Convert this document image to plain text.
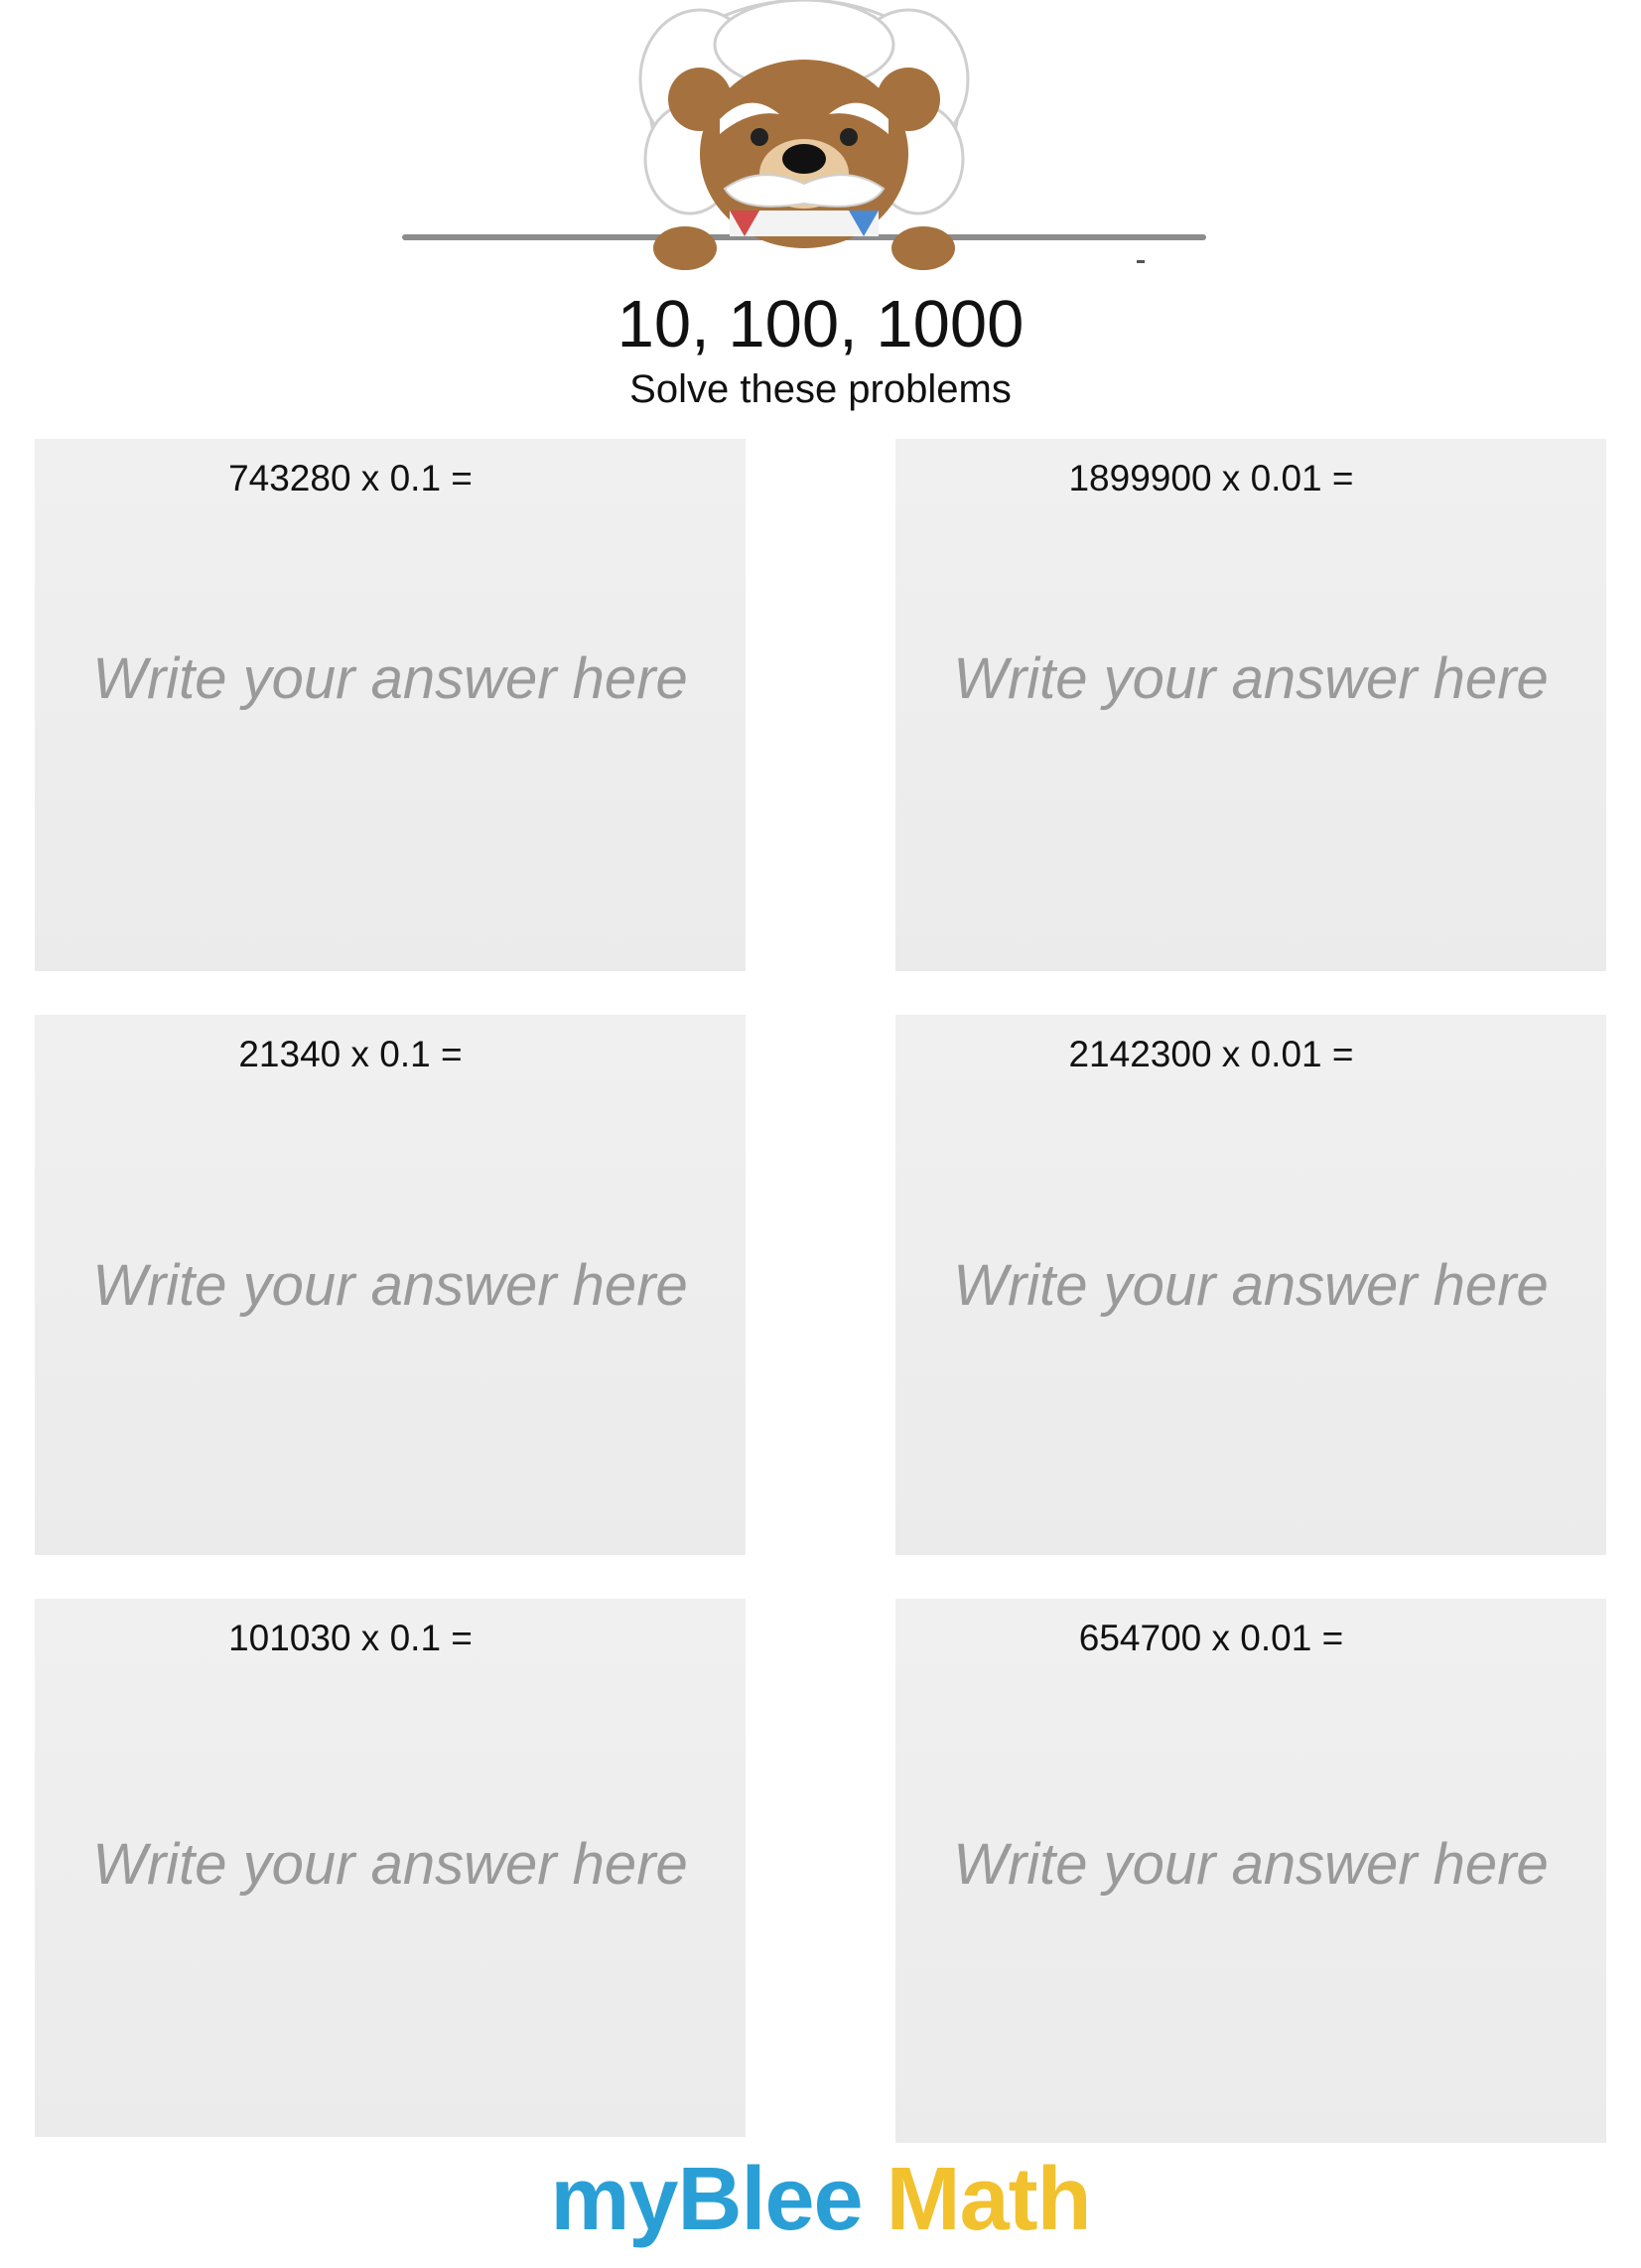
10, 100, 1000
Solve these problems
743280 x 0.1 =
Write your answer here
1899900 x 0.01 =
Write your answer here
21340 x 0.1 =
Write your answer here
2142300 x 0.01 =
Write your answer here
101030 x 0.1 =
Write your answer here
654700 x 0.01 =
Write your answer here
myBlee Math
